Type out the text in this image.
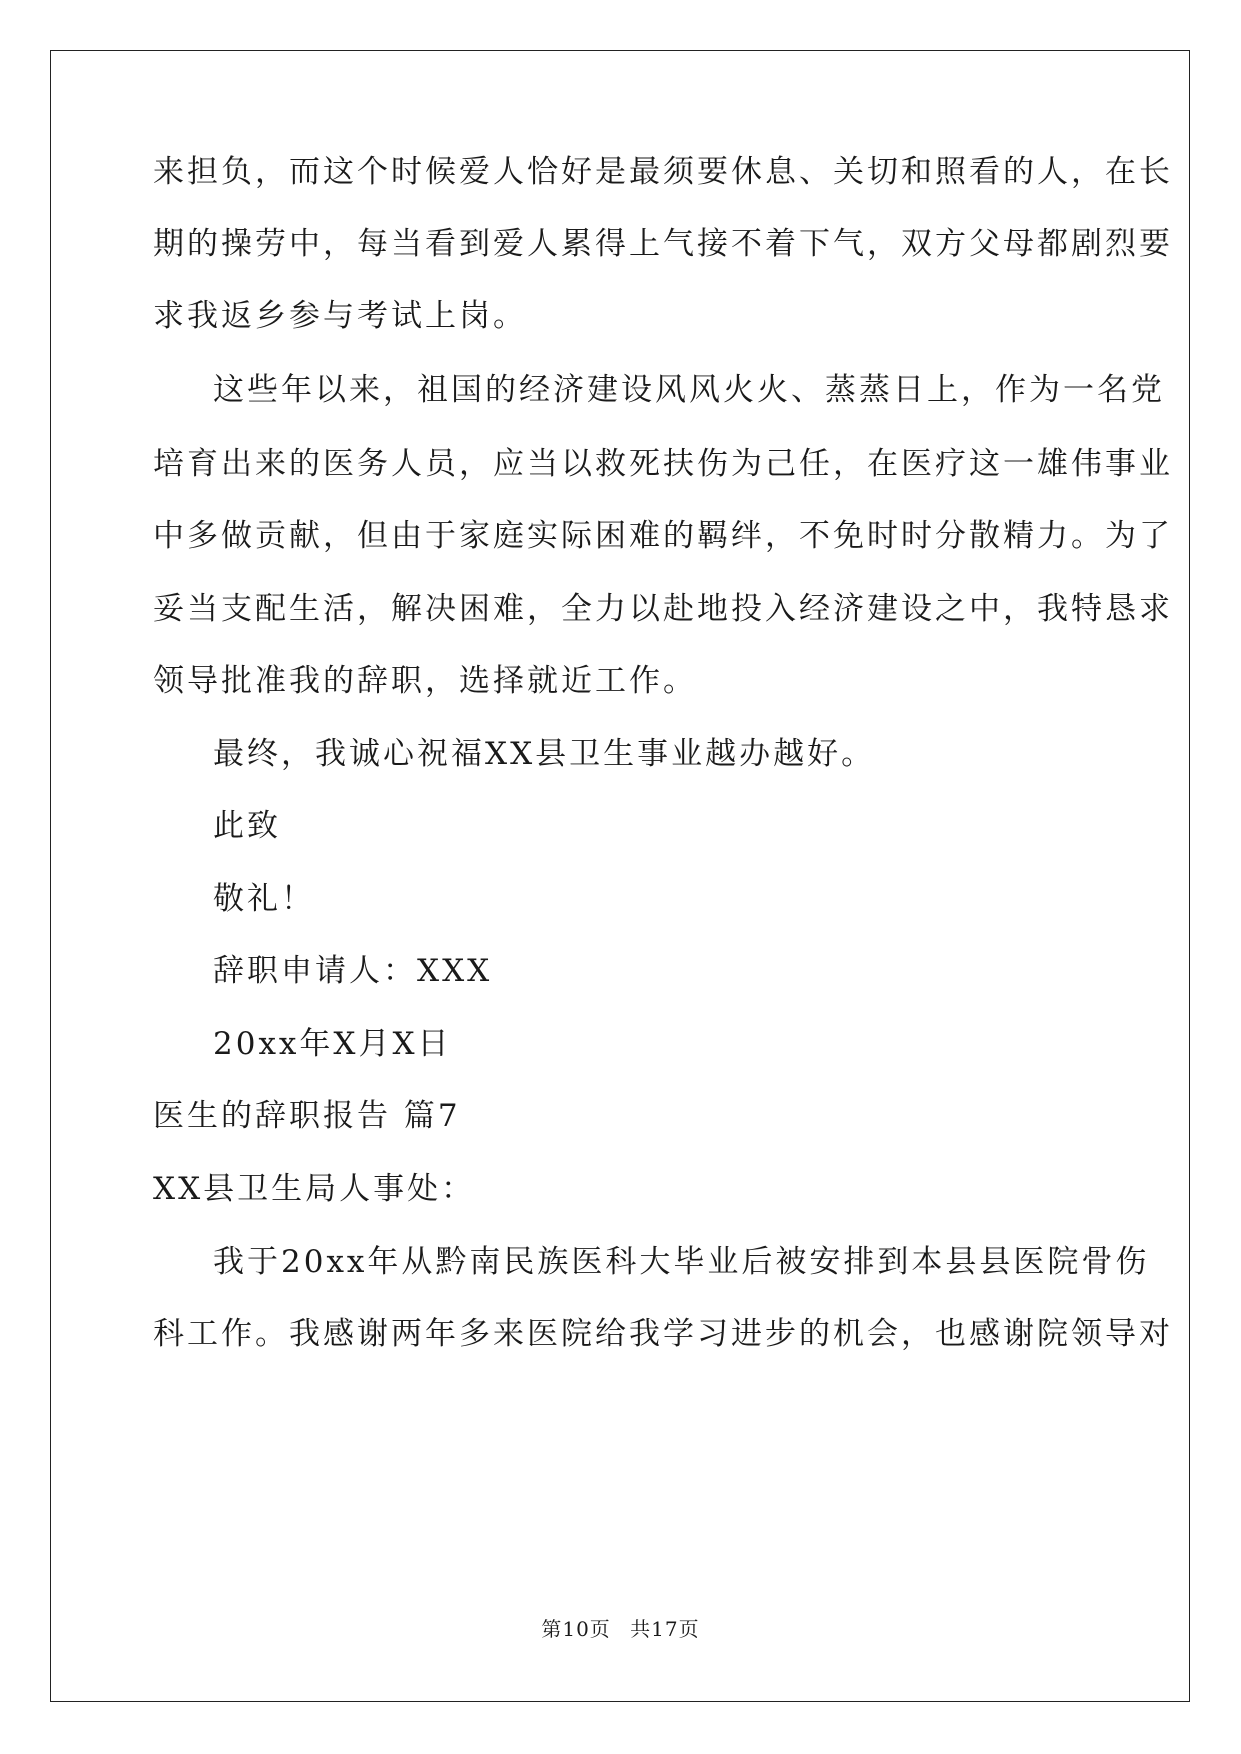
来担负，而这个时候爱人恰好是最须要休息、关切和照看的人，在长
期的操劳中，每当看到爱人累得上气接不着下气，双方父母都剧烈要
求我返乡参与考试上岗。
这些年以来，祖国的经济建设风风火火、蒸蒸日上，作为一名党
培育出来的医务人员，应当以救死扶伤为己任，在医疗这一雄伟事业
中多做贡献，但由于家庭实际困难的羁绊，不免时时分散精力。为了
妥当支配生活，解决困难，全力以赴地投入经济建设之中，我特恳求
领导批准我的辞职，选择就近工作。
最终，我诚心祝福XX县卫生事业越办越好。
此致
敬礼！
辞职申请人：XXX
20xx年X月X日
医生的辞职报告 篇7
XX县卫生局人事处：
我于20xx年从黔南民族医科大毕业后被安排到本县县医院骨伤
科工作。我感谢两年多来医院给我学习进步的机会，也感谢院领导对
第10页 共17页
